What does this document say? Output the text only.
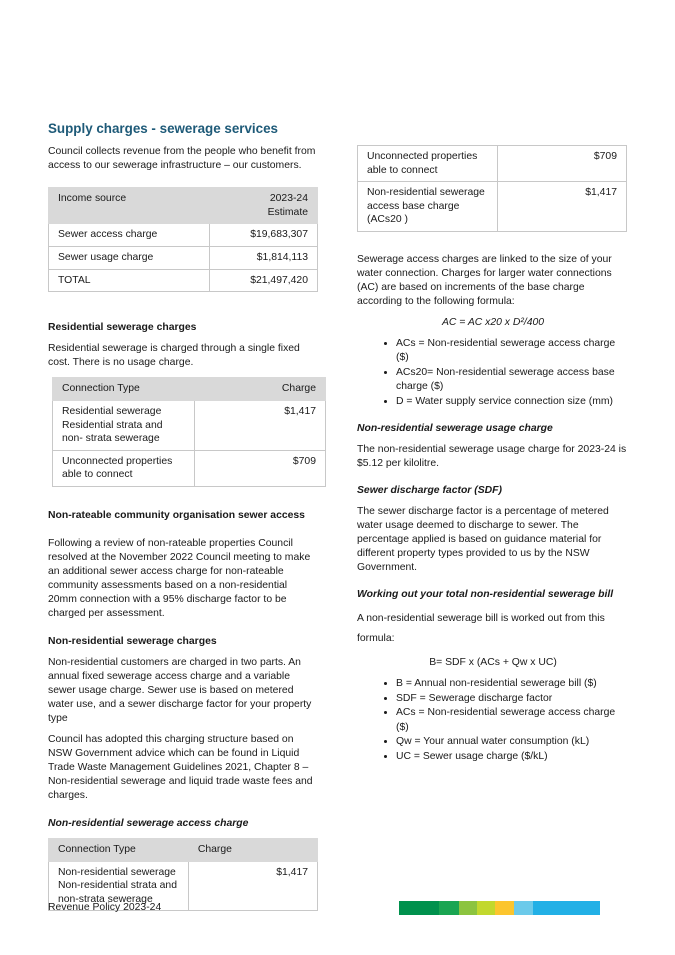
Supply charges - sewerage services

Council collects revenue from the people who benefit from access to our sewerage infrastructure – our customers.

Income source	2023-24
Estimate
Sewer access charge	$19,683,307
Sewer usage charge	$1,814,113
TOTAL	$21,497,420

Residential sewerage charges

Residential sewerage is charged through a single fixed cost. There is no usage charge.

Connection Type	Charge
Residential sewerage
Residential strata and
non- strata sewerage	$1,417
Unconnected properties
able to connect	$709

Non-rateable community organisation sewer access

Following a review of non-rateable properties Council resolved at the November 2022 Council meeting to make an additional sewer access charge for non-rateable community assessments based on a non-residential 20mm connection with a 95% discharge factor to be charged per assessment.

Non-residential sewerage charges

Non-residential customers are charged in two parts. An annual fixed sewerage access charge and a variable sewer usage charge. Sewer use is based on metered water use, and a sewer discharge factor for your property type

Council has adopted this charging structure based on NSW Government advice which can be found in Liquid Trade Waste Management Guidelines 2021, Chapter 8 – Non-residential sewerage and liquid trade waste fees and charges.

Non-residential sewerage access charge

Connection Type	Charge
Non-residential sewerage
Non-residential strata and
non-strata sewerage	$1,417
Unconnected properties
able to connect	$709
Non-residential sewerage
access base charge
(ACs20 )	$1,417

Sewerage access charges are linked to the size of your water connection. Charges for larger water connections (AC) are based on increments of the base charge according to the following formula:

AC = AC x20 x D²/400

• ACs = Non-residential sewerage access charge ($)
• ACs20= Non-residential sewerage access base charge ($)
• D = Water supply service connection size (mm)

Non-residential sewerage usage charge

The non-residential sewerage usage charge for 2023-24 is $5.12 per kilolitre.

Sewer discharge factor (SDF)

The sewer discharge factor is a percentage of metered water usage deemed to discharge to sewer. The percentage applied is based on guidance material for different property types provided to us by the NSW Government.

Working out your total non-residential sewerage bill

A non-residential sewerage bill is worked out from this formula:

B= SDF x (ACs + Qw x UC)

• B = Annual non-residential sewerage bill ($)
• SDF = Sewerage discharge factor
• ACs = Non-residential sewerage access charge ($)
• Qw = Your annual water consumption (kL)
• UC = Sewer usage charge ($/kL)
Revenue Policy 2023-24
